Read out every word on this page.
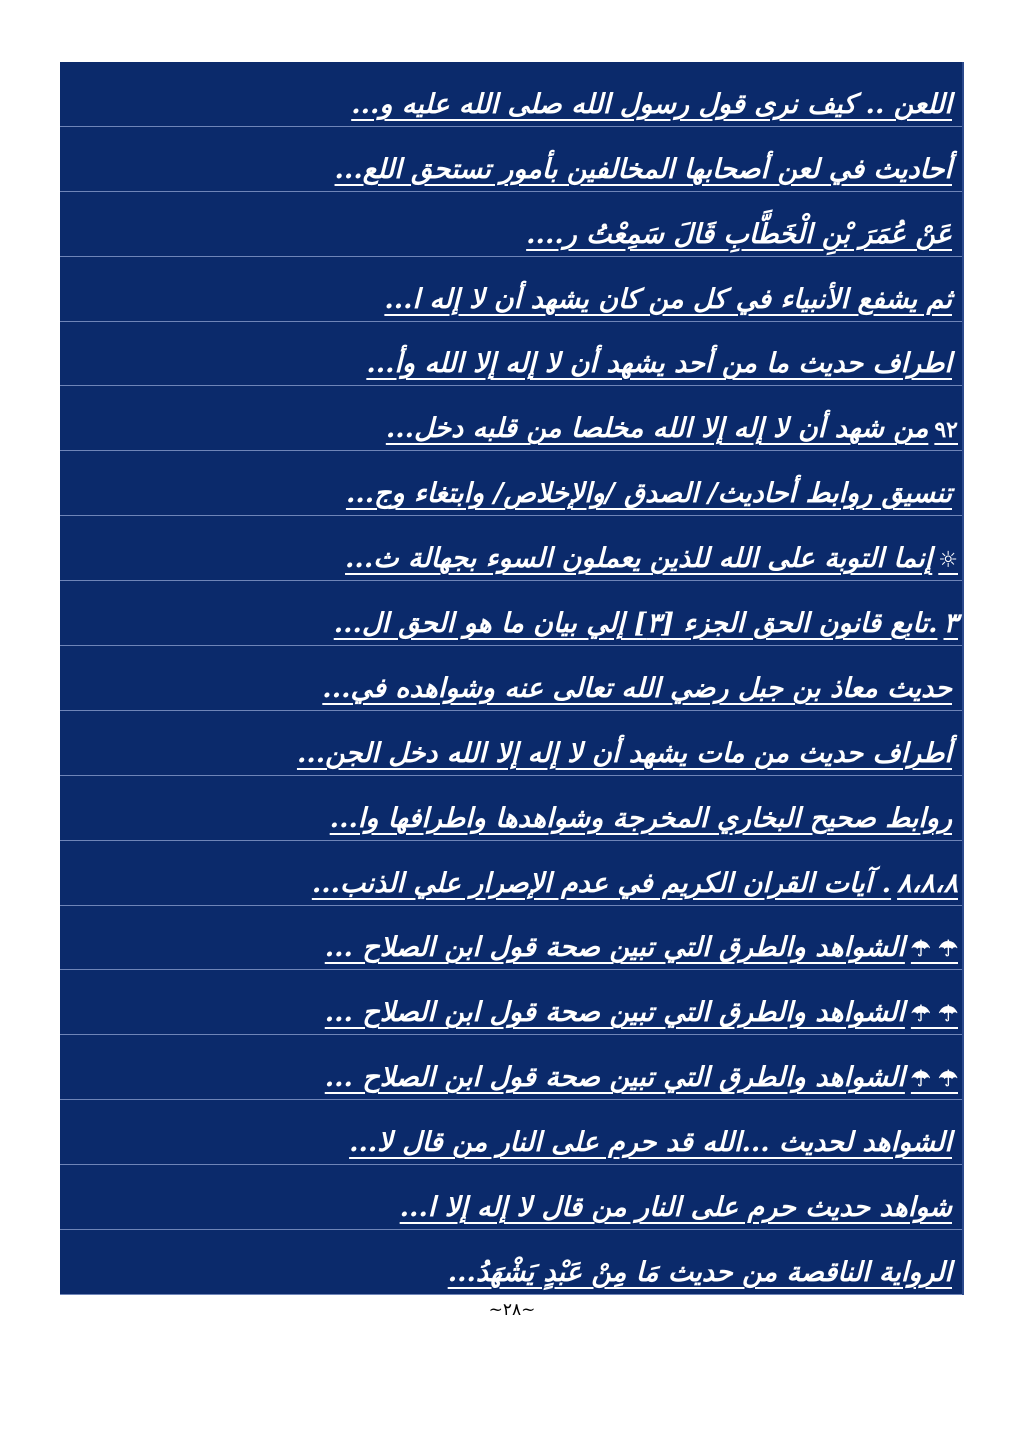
اللعن .. كيف نرى قول رسول الله صلى الله عليه و...
أحاديث في لعن أصحابها المخالفين بأمور تستحق اللع...
عَنْ عُمَرَ بْنِ الْخَطَّابِ قَالَ سَمِعْتُ ر....
ثم يشفع الأنبياء في كل من كان يشهد أن لا إله ا...
اطراف حديث ما من أحد يشهد أن لا إله إلا الله وأ...
٩٢من شهد أن لا إله إلا الله مخلصا من قلبه دخل...
تنسيق روابط أحاديث/ الصدق /والإخلاص/ وابتغاء وج...
☼إنما التوبة على الله للذين يعملون السوء بجهالة ث...
٣.تابع قانون الحق الجزء [٣] إلي بيان ما هو الحق ال...
حديث معاذ بن جبل رضي الله تعالى عنه وشواهده في...
أطراف حديث من مات يشهد أن لا إله إلا الله دخل الجن...
روابط صحيح البخاري المخرجة وشواهدها واطرافها وا...
٨،٨،٨. آيات القران الكريم في عدم الإصرار علي الذنب...
☂ ☂الشواهد والطرق التي تبين صحة قول ابن الصلاح ...
☂ ☂الشواهد والطرق التي تبين صحة قول ابن الصلاح ...
☂ ☂الشواهد والطرق التي تبين صحة قول ابن الصلاح ...
الشواهد لحديث ...الله قد حرم على النار من قال لا...
شواهد حديث حرم على النار من قال لا إله إلا ا...
الرواية الناقصة من حديث مَا مِنْ عَبْدٍ يَشْهَدُ...
~٢٨~
